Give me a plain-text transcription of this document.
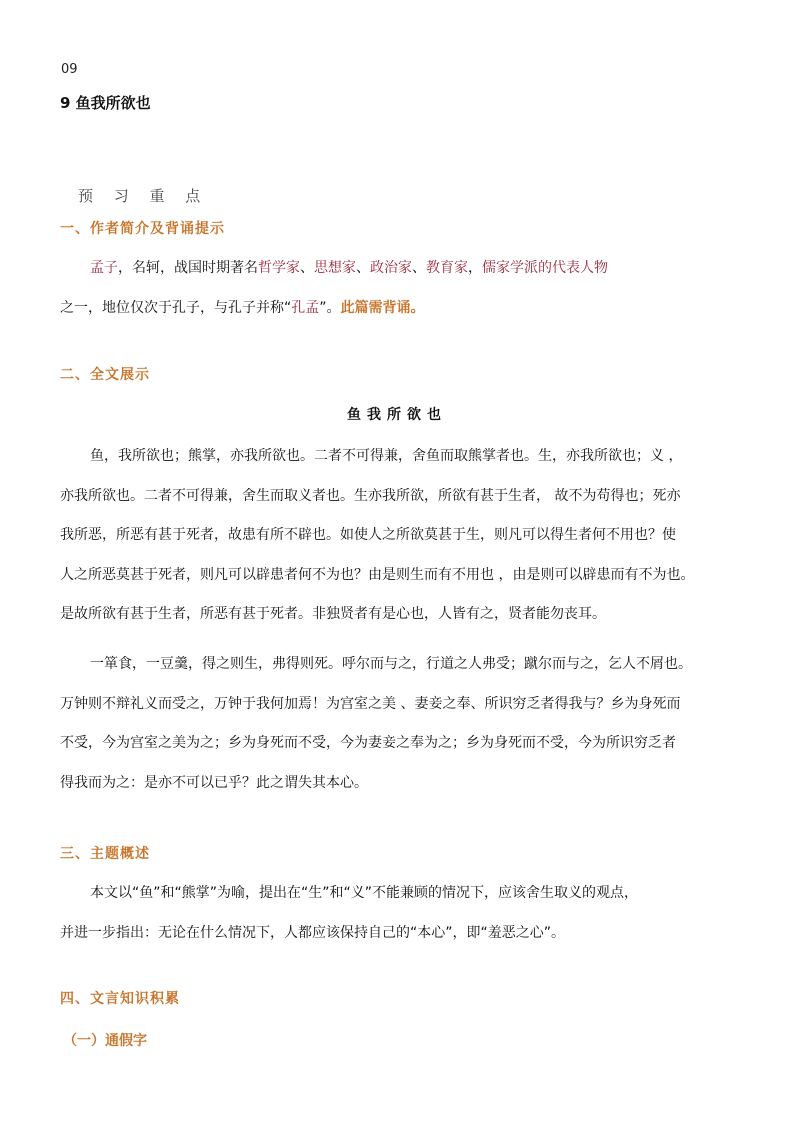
09
9 鱼我所欲也
预 习 重 点
一、作者简介及背诵提示
孟子，名轲，战国时期著名哲学家、思想家、政治家、教育家，儒家学派的代表人物
之一，地位仅次于孔子，与孔子并称“孔孟”。此篇需背诵。
二、全文展示
鱼我所欲也
鱼，我所欲也；熊掌，亦我所欲也。二者不可得兼，舍鱼而取熊掌者也。生，亦我所欲也；义 ，
亦我所欲也。二者不可得兼，舍生而取义者也。生亦我所欲，所欲有甚于生者， 故不为苟得也；死亦
我所恶，所恶有甚于死者，故患有所不辟也。如使人之所欲莫甚于生，则凡可以得生者何不用也？使
人之所恶莫甚于死者，则凡可以辟患者何不为也？由是则生而有不用也 ，由是则可以辟患而有不为也。
是故所欲有甚于生者，所恶有甚于死者。非独贤者有是心也，人皆有之，贤者能勿丧耳。
一箪食，一豆羹，得之则生，弗得则死。呼尔而与之，行道之人弗受；蹴尔而与之，乞人不屑也。
万钟则不辩礼义而受之，万钟于我何加焉！为宫室之美 、妻妾之奉、所识穷乏者得我与？乡为身死而
不受，今为宫室之美为之；乡为身死而不受，今为妻妾之奉为之；乡为身死而不受，今为所识穷乏者
得我而为之：是亦不可以已乎？此之谓失其本心。
三、主题概述
本文以“鱼”和“熊掌”为喻，提出在“生”和“义”不能兼顾的情况下，应该舍生取义的观点，
并进一步指出：无论在什么情况下，人都应该保持自己的“本心”，即“羞恶之心”。
四、文言知识积累
（一）通假字
